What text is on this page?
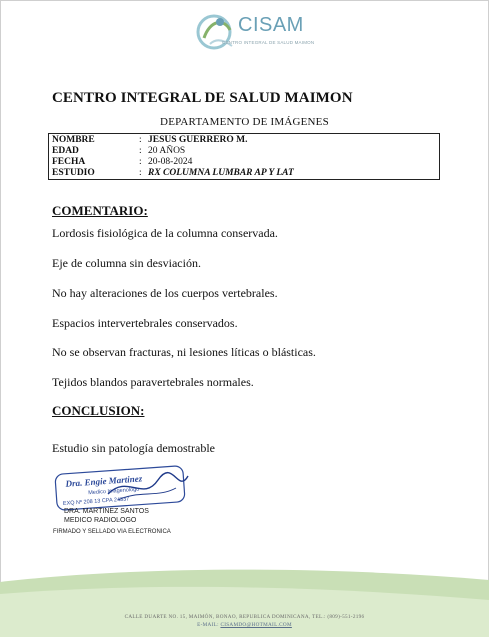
CISAM
CENTRO INTEGRAL DE SALUD MAIMON
CENTRO INTEGRAL DE SALUD MAIMON
DEPARTAMENTO DE IMÁGENES
NOMBRE	: JESUS GUERRERO M.
EDAD	: 20 AÑOS
FECHA	: 20-08-2024
ESTUDIO	: RX COLUMNA LUMBAR AP Y LAT
COMENTARIO:
Lordosis fisiológica de la columna conservada.
Eje de columna sin desviación.
No hay alteraciones de los cuerpos vertebrales.
Espacios intervertebrales conservados.
No se observan fracturas, ni lesiones líticas o blásticas.
Tejidos blandos paravertebrales normales.
CONCLUSION:
Estudio sin patología demostrable
Dra. Engie Martinez
Medico Imagenologo
EXQ Nº 208 13 CPA 24337
DRA. MARTINEZ SANTOS
MEDICO RADIOLOGO
FIRMADO Y SELLADO VIA ELECTRONICA
CALLE DUARTE NO. 15, MAIMÓN, BONAO, REPUBLICA DOMINICANA, TEL.: (809)-551-2196
E-MAIL: CISAMDO@HOTMAIL.COM
